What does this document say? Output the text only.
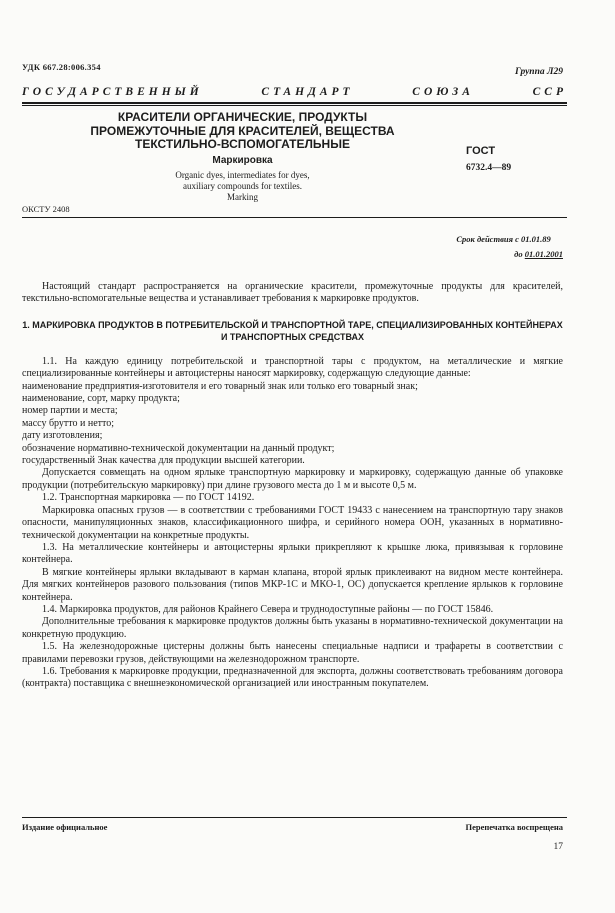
УДК 667.28:006.354	Группа Л29
ГОСУДАРСТВЕННЫЙ	СТАНДАРТ	СОЮЗА	ССР
КРАСИТЕЛИ ОРГАНИЧЕСКИЕ, ПРОДУКТЫ
ПРОМЕЖУТОЧНЫЕ ДЛЯ КРАСИТЕЛЕЙ, ВЕЩЕСТВА
ТЕКСТИЛЬНО-ВСПОМОГАТЕЛЬНЫЕ
Маркировка
Organic dyes, intermediates for dyes,
auxiliary compounds for textiles.
Marking
ГОСТ
6732.4—89
ОКСТУ 2408
Срок действия с 01.01.89
до 01.01.2001

Настоящий стандарт распространяется на органические красители, промежуточные продукты для красителей, текстильно-вспомогательные вещества и устанавливает требования к маркировке продуктов.

1. МАРКИРОВКА ПРОДУКТОВ В ПОТРЕБИТЕЛЬСКОЙ И ТРАНСПОРТНОЙ ТАРЕ, СПЕЦИАЛИЗИРОВАННЫХ КОНТЕЙНЕРАХ И ТРАНСПОРТНЫХ СРЕДСТВАХ

1.1. На каждую единицу потребительской и транспортной тары с продуктом, на металлические и мягкие специализированные контейнеры и автоцистерны наносят маркировку, содержащую следующие данные:

наименование предприятия-изготовителя и его товарный знак или только его товарный знак;

наименование, сорт, марку продукта;

номер партии и места;

массу брутто и нетто;

дату изготовления;

обозначение нормативно-технической документации на данный продукт;

государственный Знак качества для продукции высшей категории.

Допускается совмещать на одном ярлыке транспортную маркировку и маркировку, содержащую данные об упаковке продукции (потребительскую маркировку) при длине грузового места до 1 м и высоте 0,5 м.

1.2. Транспортная маркировка — по ГОСТ 14192.

Маркировка опасных грузов — в соответствии с требованиями ГОСТ 19433 с нанесением на транспортную тару знаков опасности, манипуляционных знаков, классификационного шифра, и серийного номера ООН, указанных в нормативно-технической документации на конкретные продукты.

1.3. На металлические контейнеры и автоцистерны ярлыки прикрепляют к крышке люка, привязывая к горловине контейнера.

В мягкие контейнеры ярлыки вкладывают в карман клапана, второй ярлык приклеивают на видном месте контейнера. Для мягких контейнеров разового пользования (типов МКР-1С и МКО-1, ОС) допускается крепление ярлыков к горловине контейнера.

1.4. Маркировка продуктов, для районов Крайнего Севера и труднодоступные районы — по ГОСТ 15846.

Дополнительные требования к маркировке продуктов должны быть указаны в нормативно-технической документации на конкретную продукцию.

1.5. На железнодорожные цистерны должны быть нанесены специальные надписи и трафареты в соответствии с правилами перевозки грузов, действующими на железнодорожном транспорте.

1.6. Требования к маркировке продукции, предназначенной для экспорта, должны соответствовать требованиям договора (контракта) поставщика с внешнеэкономической организацией или иностранным покупателем.

Издание официальное	Перепечатка воспрещена
17
